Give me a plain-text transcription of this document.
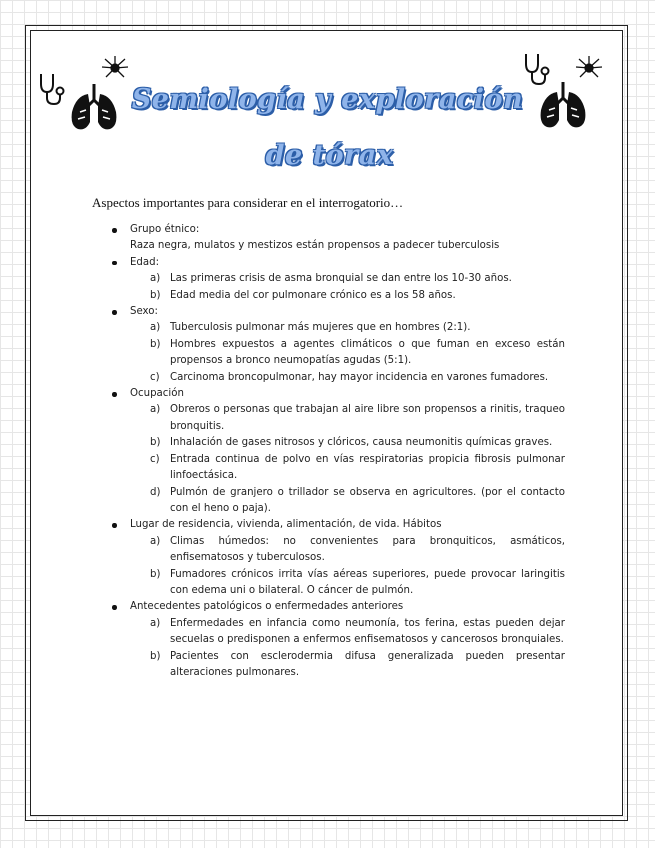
Semiología y exploración
de tórax
Aspectos importantes para considerar en el interrogatorio…
Grupo étnico:
Raza negra, mulatos y mestizos están propensos a padecer tuberculosis
Edad:
a) Las primeras crisis de asma bronquial se dan entre los 10-30 años.
b) Edad media del cor pulmonare crónico es a los 58 años.
Sexo:
a) Tuberculosis pulmonar más mujeres que en hombres (2:1).
b) Hombres expuestos a agentes climáticos o que fuman en exceso están propensos a bronco neumopatías agudas (5:1).
c) Carcinoma broncopulmonar, hay mayor incidencia en varones fumadores.
Ocupación
a) Obreros o personas que trabajan al aire libre son propensos a rinitis, traqueo bronquitis.
b) Inhalación de gases nitrosos y clóricos, causa neumonitis químicas graves.
c) Entrada continua de polvo en vías respiratorias propicia fibrosis pulmonar linfoectásica.
d) Pulmón de granjero o trillador se observa en agricultores. (por el contacto con el heno o paja).
Lugar de residencia, vivienda, alimentación, de vida. Hábitos
a) Climas húmedos: no convenientes para bronquiticos, asmáticos, enfisematosos y tuberculosos.
b) Fumadores crónicos irrita vías aéreas superiores, puede provocar laringitis con edema uni o bilateral. O cáncer de pulmón.
Antecedentes patológicos o enfermedades anteriores
a) Enfermedades en infancia como neumonía, tos ferina, estas pueden dejar secuelas o predisponen a enfermos enfisematosos y cancerosos bronquiales.
b) Pacientes con esclerodermia difusa generalizada pueden presentar alteraciones pulmonares.
